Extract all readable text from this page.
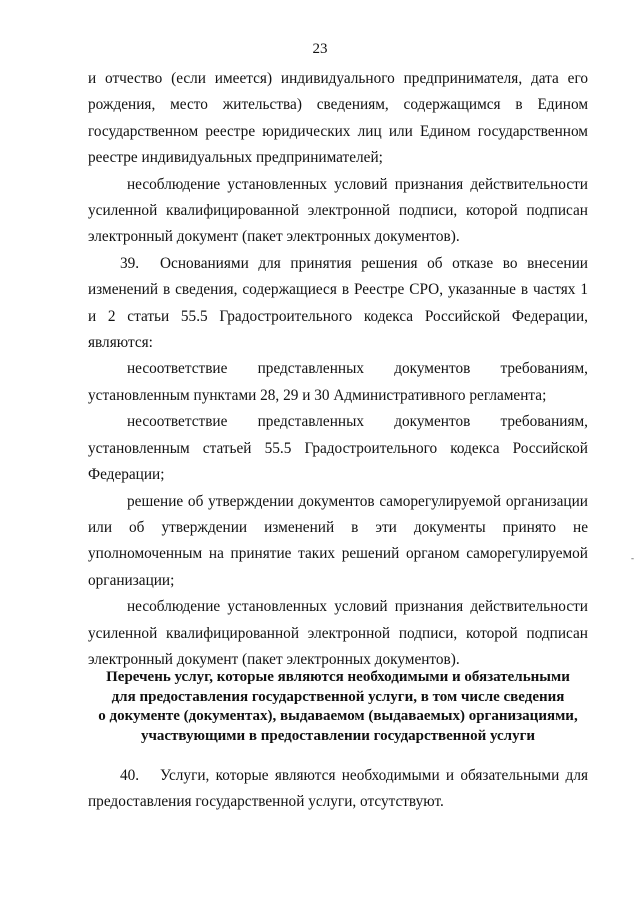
23

и отчество (если имеется) индивидуального предпринимателя, дата его рождения, место жительства) сведениям, содержащимся в Едином государственном реестре юридических лиц или Едином государственном реестре индивидуальных предпринимателей;

несоблюдение установленных условий признания действительности усиленной квалифицированной электронной подписи, которой подписан электронный документ (пакет электронных документов).

39. Основаниями для принятия решения об отказе во внесении изменений в сведения, содержащиеся в Реестре СРО, указанные в частях 1 и 2 статьи 55.5 Градостроительного кодекса Российской Федерации, являются:

несоответствие представленных документов требованиям, установленным пунктами 28, 29 и 30 Административного регламента;

несоответствие представленных документов требованиям, установленным статьей 55.5 Градостроительного кодекса Российской Федерации;

решение об утверждении документов саморегулируемой организации или об утверждении изменений в эти документы принято не уполномоченным на принятие таких решений органом саморегулируемой организации;

несоблюдение установленных условий признания действительности усиленной квалифицированной электронной подписи, которой подписан электронный документ (пакет электронных документов).

-
Перечень услуг, которые являются необходимыми и обязательными
для предоставления государственной услуги, в том числе сведения
о документе (документах), выдаваемом (выдаваемых) организациями,
участвующими в предоставлении государственной услуги

40. Услуги, которые являются необходимыми и обязательными для предоставления государственной услуги, отсутствуют.
